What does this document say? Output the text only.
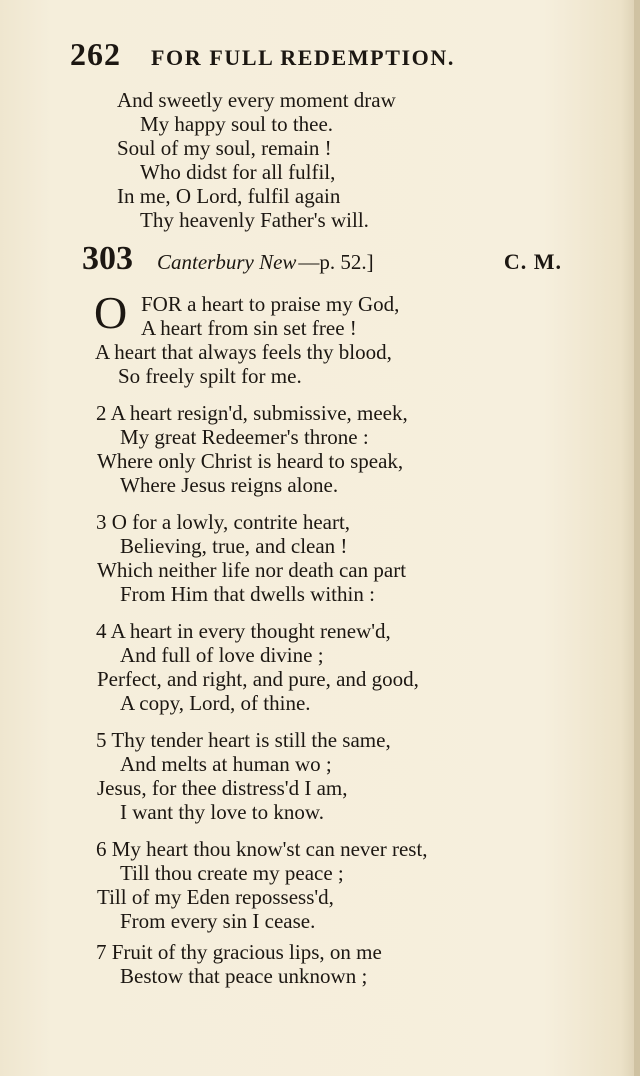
262 FOR FULL REDEMPTION.
And sweetly every moment draw
My happy soul to thee.
Soul of my soul, remain !
Who didst for all fulfil,
In me, O Lord, fulfil again
Thy heavenly Father's will.
303 Canterbury New —p. 52.]	C. M.
O FOR a heart to praise my God,
A heart from sin set free !
A heart that always feels thy blood,
So freely spilt for me.
2 A heart resign'd, submissive, meek,
My great Redeemer's throne :
Where only Christ is heard to speak,
Where Jesus reigns alone.
3 O for a lowly, contrite heart,
Believing, true, and clean !
Which neither life nor death can part
From Him that dwells within :
4 A heart in every thought renew'd,
And full of love divine ;
Perfect, and right, and pure, and good,
A copy, Lord, of thine.
5 Thy tender heart is still the same,
And melts at human wo ;
Jesus, for thee distress'd I am,
I want thy love to know.
6 My heart thou know'st can never rest,
Till thou create my peace ;
Till of my Eden repossess'd,
From every sin I cease.
7 Fruit of thy gracious lips, on me
Bestow that peace unknown ;
